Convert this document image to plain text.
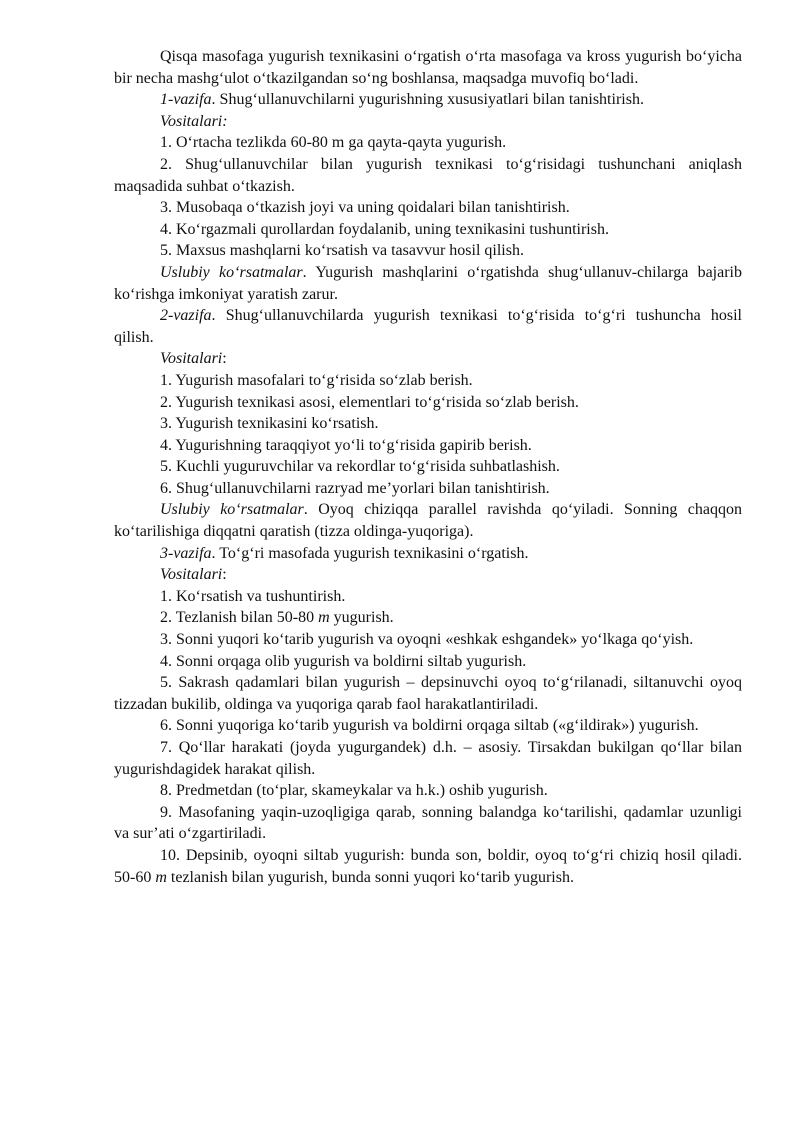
Qisqa masofaga yugurish texnikasini o‘rgatish o‘rta masofaga va kross yugurish bo‘yicha bir necha mashg‘ulot o‘tkazilgandan so‘ng boshlansa, maqsadga muvofiq bo‘ladi.

1-vazifa. Shug‘ullanuvchilarni yugurishning xususiyatlari bilan tanishtirish.

Vositalari:

1. O‘rtacha tezlikda 60-80 m ga qayta-qayta yugurish.

2. Shug‘ullanuvchilar bilan yugurish texnikasi to‘g‘risidagi tushunchani aniqlash maqsadida suhbat o‘tkazish.

3. Musobaqa o‘tkazish joyi va uning qoidalari bilan tanishtirish.

4. Ko‘rgazmali qurollardan foydalanib, uning texnikasini tushuntirish.

5. Maxsus mashqlarni ko‘rsatish va tasavvur hosil qilish.

Uslubiy ko‘rsatmalar. Yugurish mashqlarini o‘rgatishda shug‘ullanuv-chilarga bajarib ko‘rishga imkoniyat yaratish zarur.

2-vazifa. Shug‘ullanuvchilarda yugurish texnikasi to‘g‘risida to‘g‘ri tushuncha hosil qilish.

Vositalari:

1. Yugurish masofalari to‘g‘risida so‘zlab berish.

2. Yugurish texnikasi asosi, elementlari to‘g‘risida so‘zlab berish.

3. Yugurish texnikasini ko‘rsatish.

4. Yugurishning taraqqiyot yo‘li to‘g‘risida gapirib berish.

5. Kuchli yuguruvchilar va rekordlar to‘g‘risida suhbatlashish.

6. Shug‘ullanuvchilarni razryad me’yorlari bilan tanishtirish.

Uslubiy ko‘rsatmalar. Oyoq chiziqqa parallel ravishda qo‘yiladi. Sonning chaqqon ko‘tarilishiga diqqatni qaratish (tizza oldinga-yuqoriga).

3-vazifa. To‘g‘ri masofada yugurish texnikasini o‘rgatish.

Vositalari:

1. Ko‘rsatish va tushuntirish.

2. Tezlanish bilan 50-80 m yugurish.

3. Sonni yuqori ko‘tarib yugurish va oyoqni «eshkak eshgandek» yo‘lkaga qo‘yish.

4. Sonni orqaga olib yugurish va boldirni siltab yugurish.

5. Sakrash qadamlari bilan yugurish – depsinuvchi oyoq to‘g‘rilanadi, siltanuvchi oyoq tizzadan bukilib, oldinga va yuqoriga qarab faol harakatlantiriladi.

6. Sonni yuqoriga ko‘tarib yugurish va boldirni orqaga siltab («g‘ildirak») yugurish.

7. Qo‘llar harakati (joyda yugurgandek) d.h. – asosiy. Tirsakdan bukilgan qo‘llar bilan yugurishdagidek harakat qilish.

8. Predmetdan (to‘plar, skameykalar va h.k.) oshib yugurish.

9. Masofaning yaqin-uzoqligiga qarab, sonning balandga ko‘tarilishi, qadamlar uzunligi va sur’ati o‘zgartiriladi.

10. Depsinib, oyoqni siltab yugurish: bunda son, boldir, oyoq to‘g‘ri chiziq hosil qiladi. 50-60 m tezlanish bilan yugurish, bunda sonni yuqori ko‘tarib yugurish.
